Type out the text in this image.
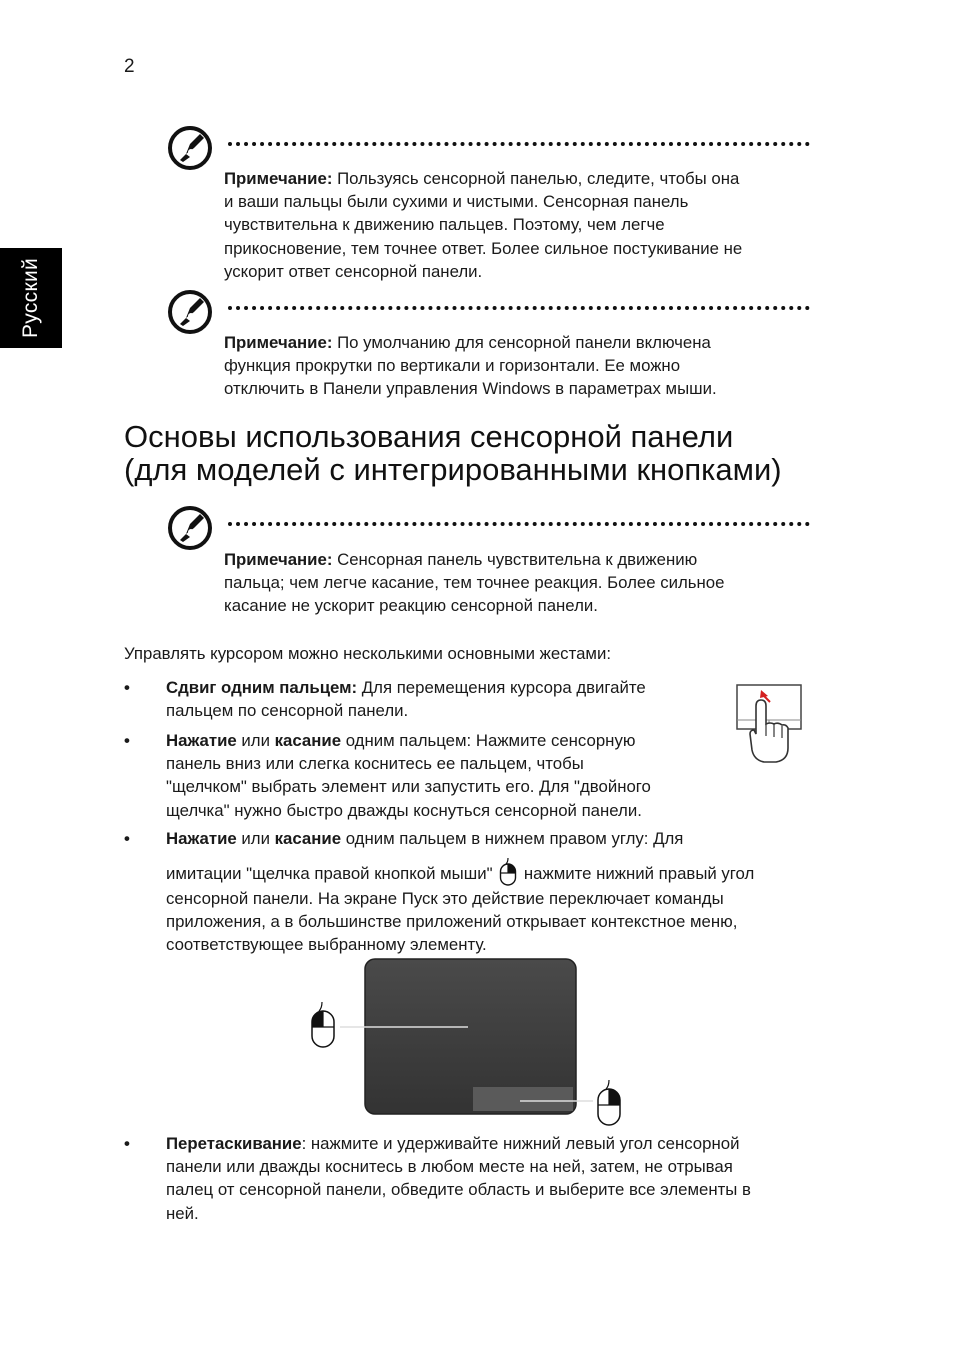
2
Русский

Примечание: Пользуясь сенсорной панелью, следите, чтобы она
и ваши пальцы были сухими и чистыми. Сенсорная панель
чувствительна к движению пальцев. Поэтому, чем легче
прикосновение, тем точнее ответ. Более сильное постукивание не
ускорит ответ сенсорной панели.

Примечание: По умолчанию для сенсорной панели включена
функция прокрутки по вертикали и горизонтали. Ее можно
отключить в Панели управления Windows в параметрах мыши.

Основы использования сенсорной панели
(для моделей с интегрированными кнопками)

Примечание: Сенсорная панель чувствительна к движению
пальца; чем легче касание, тем точнее реакция. Более сильное
касание не ускорит реакцию сенсорной панели.

Управлять курсором можно несколькими основными жестами:

•	Сдвиг одним пальцем: Для перемещения курсора двигайте
пальцем по сенсорной панели.

•	Нажатие или касание одним пальцем: Нажмите сенсорную
панель вниз или слегка коснитесь ее пальцем, чтобы
"щелчком" выбрать элемент или запустить его. Для "двойного
щелчка" нужно быстро дважды коснуться сенсорной панели.

•	Нажатие или касание одним пальцем в нижнем правом углу: Для

имитации "щелчка правой кнопкой мыши" нажмите нижний правый угол
сенсорной панели. На экране Пуск это действие переключает команды
приложения, а в большинстве приложений открывает контекстное меню,
соответствующее выбранному элементу.

•	Перетаскивание: нажмите и удерживайте нижний левый угол сенсорной
панели или дважды коснитесь в любом месте на ней, затем, не отрывая
палец от сенсорной панели, обведите область и выберите все элементы в
ней.
